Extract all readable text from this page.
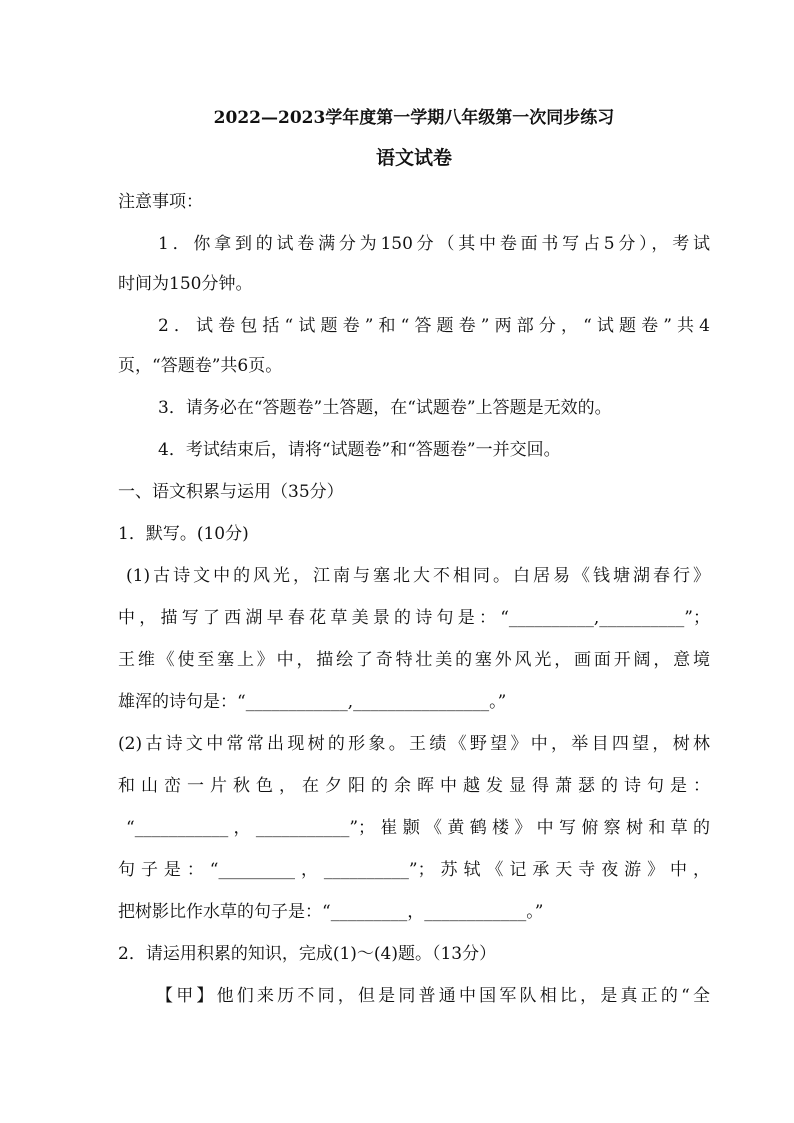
2022—2023学年度第一学期八年级第一次同步练习
语文试卷
注意事项：
1．你拿到的试卷满分为150分（其中卷面书写占5分），考试
时间为150分钟。
2．试卷包括“试题卷”和“答题卷”两部分，“试题卷”共4
页，“答题卷”共6页。
3．请务必在“答题卷”土答题，在“试题卷”上答题是无效的。
4．考试结束后，请将“试题卷”和“答题卷”一并交回。
一、语文积累与运用（35分）
1．默写。(10分)
(1)古诗文中的风光，江南与塞北大不相同。白居易《钱塘湖春行》
中，描写了西湖早春花草美景的诗句是：“__________,__________”；
王维《使至塞上》中，描绘了奇特壮美的塞外风光，画面开阔，意境
雄浑的诗句是：“____________,________________。”
(2)古诗文中常常出现树的形象。王绩《野望》中，举目四望，树林
和山峦一片秋色，在夕阳的余晖中越发显得萧瑟的诗句是：
“___________，___________”；崔颢《黄鹤楼》中写俯察树和草的
句子是：“_________，__________”；苏轼《记承天寺夜游》中，
把树影比作水草的句子是：“_________，____________。”
2．请运用积累的知识，完成(1)～(4)题。（13分）
【甲】他们来历不同，但是同普通中国军队相比，是真正的“全
